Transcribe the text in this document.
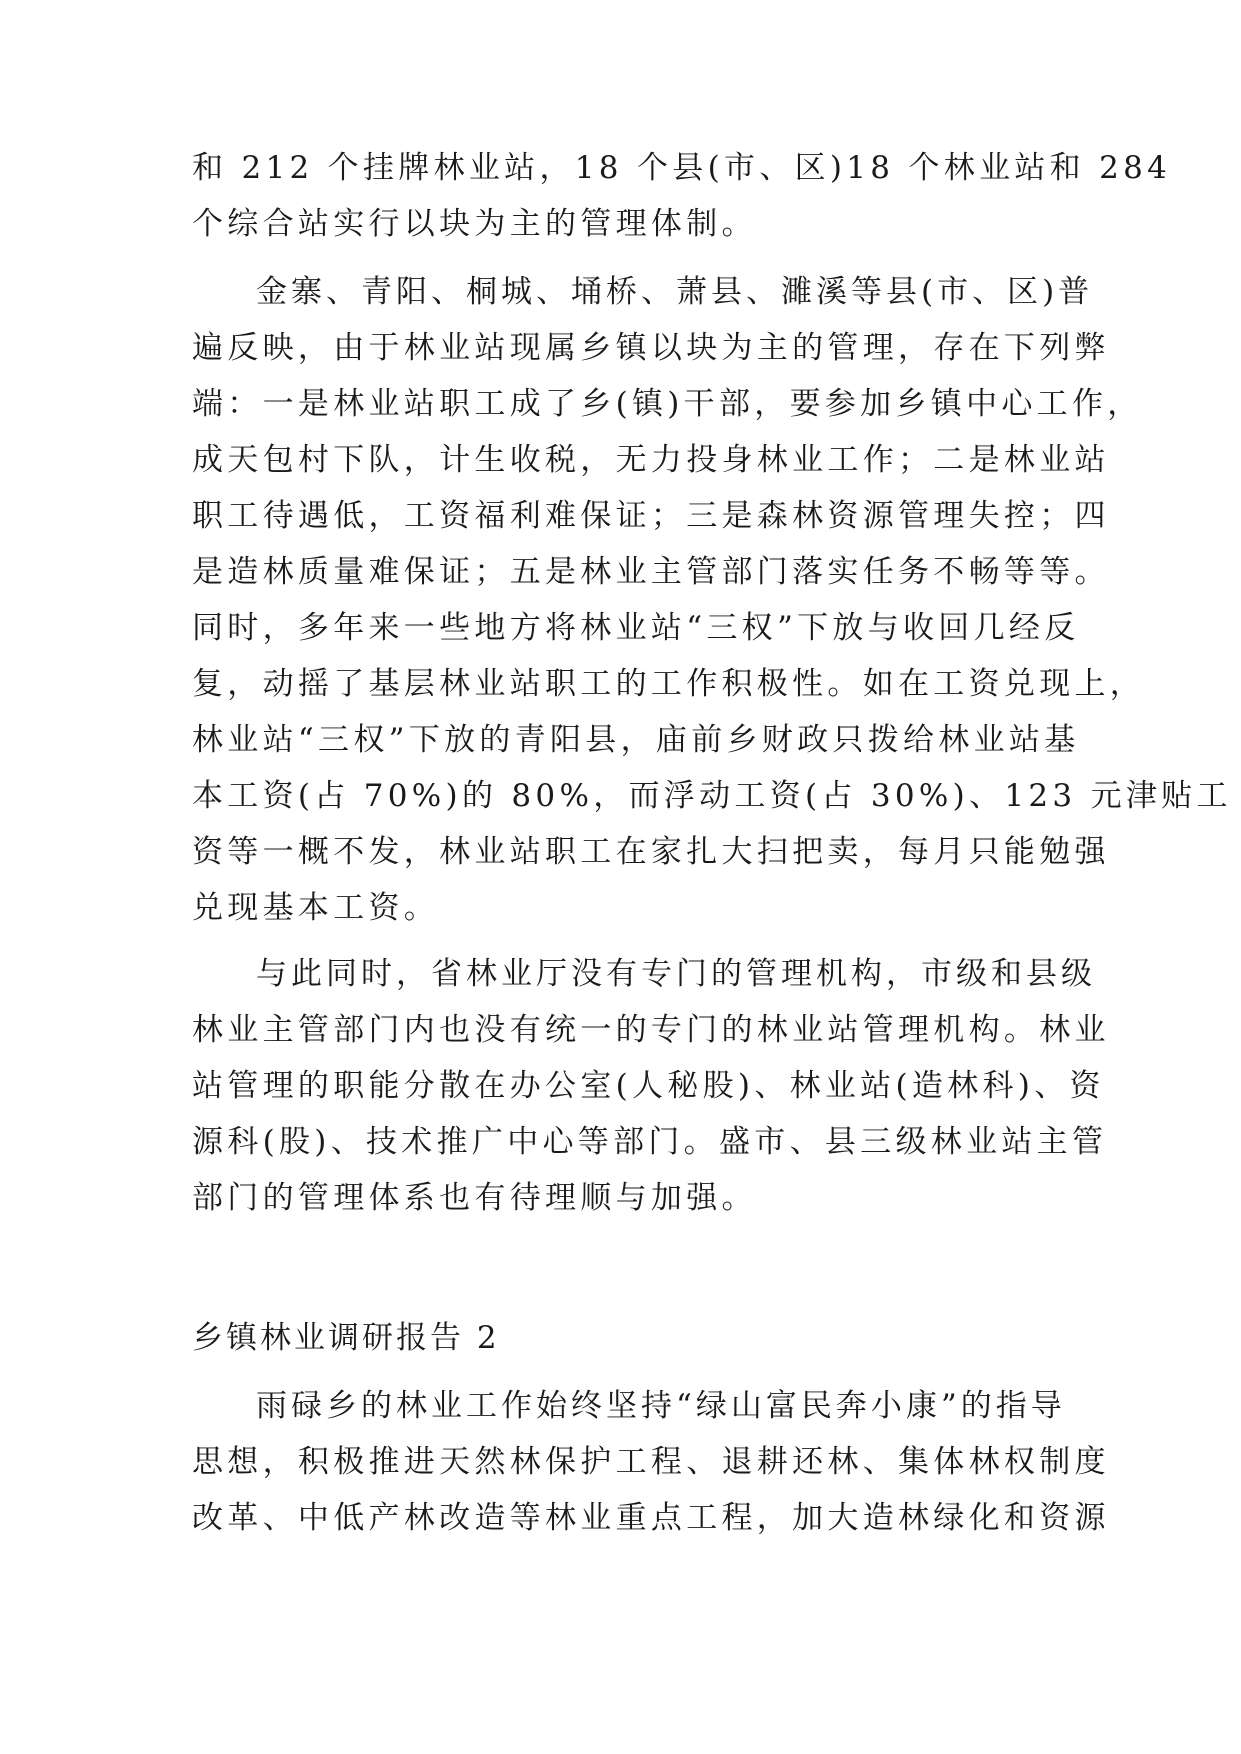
和 212 个挂牌林业站，18 个县(市、区)18 个林业站和 284
个综合站实行以块为主的管理体制。
金寨、青阳、桐城、埇桥、萧县、濉溪等县(市、区)普
遍反映，由于林业站现属乡镇以块为主的管理，存在下列弊
端：一是林业站职工成了乡(镇)干部，要参加乡镇中心工作，
成天包村下队，计生收税，无力投身林业工作；二是林业站
职工待遇低，工资福利难保证；三是森林资源管理失控；四
是造林质量难保证；五是林业主管部门落实任务不畅等等。
同时，多年来一些地方将林业站“三权”下放与收回几经反
复，动摇了基层林业站职工的工作积极性。如在工资兑现上，
林业站“三权”下放的青阳县，庙前乡财政只拨给林业站基
本工资(占 70%)的 80%，而浮动工资(占 30%)、123 元津贴工
资等一概不发，林业站职工在家扎大扫把卖，每月只能勉强
兑现基本工资。
与此同时，省林业厅没有专门的管理机构，市级和县级
林业主管部门内也没有统一的专门的林业站管理机构。林业
站管理的职能分散在办公室(人秘股)、林业站(造林科)、资
源科(股)、技术推广中心等部门。盛市、县三级林业站主管
部门的管理体系也有待理顺与加强。
乡镇林业调研报告 2
雨碌乡的林业工作始终坚持“绿山富民奔小康”的指导
思想，积极推进天然林保护工程、退耕还林、集体林权制度
改革、中低产林改造等林业重点工程，加大造林绿化和资源
